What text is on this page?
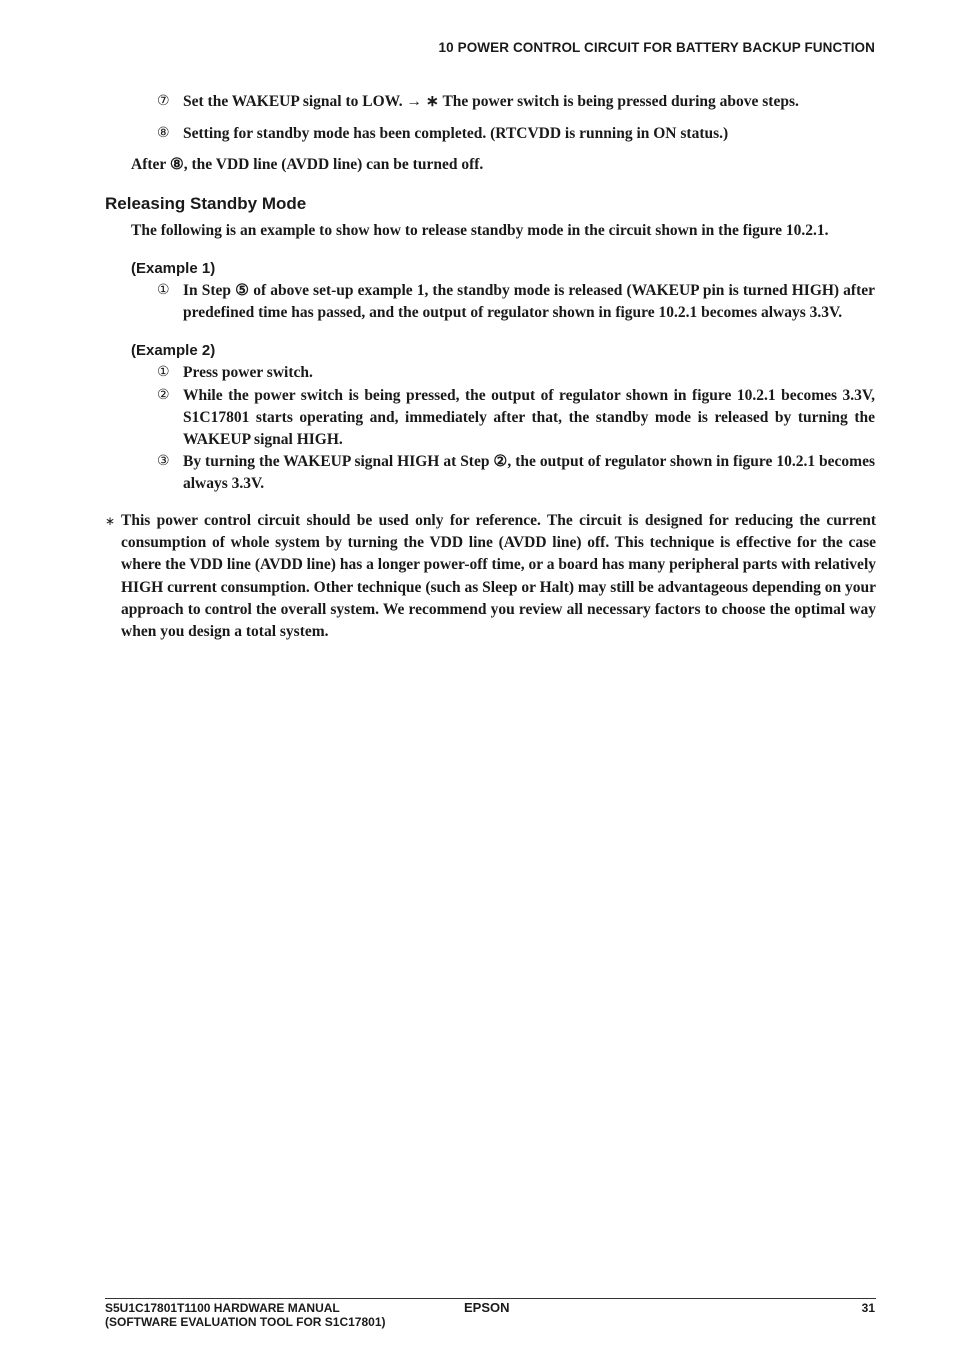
10 POWER CONTROL CIRCUIT FOR BATTERY BACKUP FUNCTION
⑦ Set the WAKEUP signal to LOW. → ∗ The power switch is being pressed during above steps.
⑧ Setting for standby mode has been completed. (RTCVDD is running in ON status.)
After ⑧, the VDD line (AVDD line) can be turned off.
Releasing Standby Mode
The following is an example to show how to release standby mode in the circuit shown in the figure 10.2.1.
(Example 1)
① In Step ⑤ of above set-up example 1, the standby mode is released (WAKEUP pin is turned HIGH) after predefined time has passed, and the output of regulator shown in figure 10.2.1 becomes always 3.3V.
(Example 2)
① Press power switch.
② While the power switch is being pressed, the output of regulator shown in figure 10.2.1 becomes 3.3V, S1C17801 starts operating and, immediately after that, the standby mode is released by turning the WAKEUP signal HIGH.
③ By turning the WAKEUP signal HIGH at Step ②, the output of regulator shown in figure 10.2.1 becomes always 3.3V.
∗ This power control circuit should be used only for reference. The circuit is designed for reducing the current consumption of whole system by turning the VDD line (AVDD line) off. This technique is effective for the case where the VDD line (AVDD line) has a longer power-off time, or a board has many peripheral parts with relatively HIGH current consumption. Other technique (such as Sleep or Halt) may still be advantageous depending on your approach to control the overall system. We recommend you review all necessary factors to choose the optimal way when you design a total system.
S5U1C17801T1100 HARDWARE MANUAL
(SOFTWARE EVALUATION TOOL FOR S1C17801)
EPSON	31
